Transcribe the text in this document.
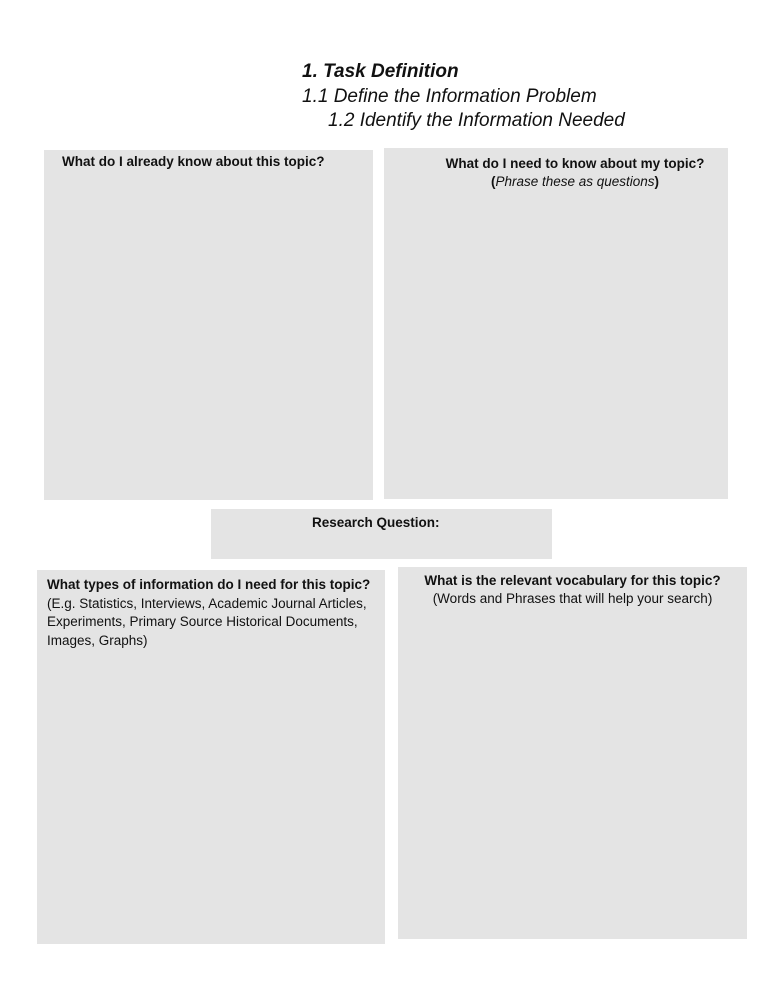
1. Task Definition
1.1 Define the Information Problem
1.2 Identify the Information Needed
What do I already know about this topic?	What do I need to know about my topic?
(Phrase these as questions)
Research Question:
What types of information do I need for this topic?
(E.g. Statistics, Interviews, Academic Journal Articles, Experiments, Primary Source Historical Documents, Images, Graphs)
What is the relevant vocabulary for this topic?
(Words and Phrases that will help your search)
